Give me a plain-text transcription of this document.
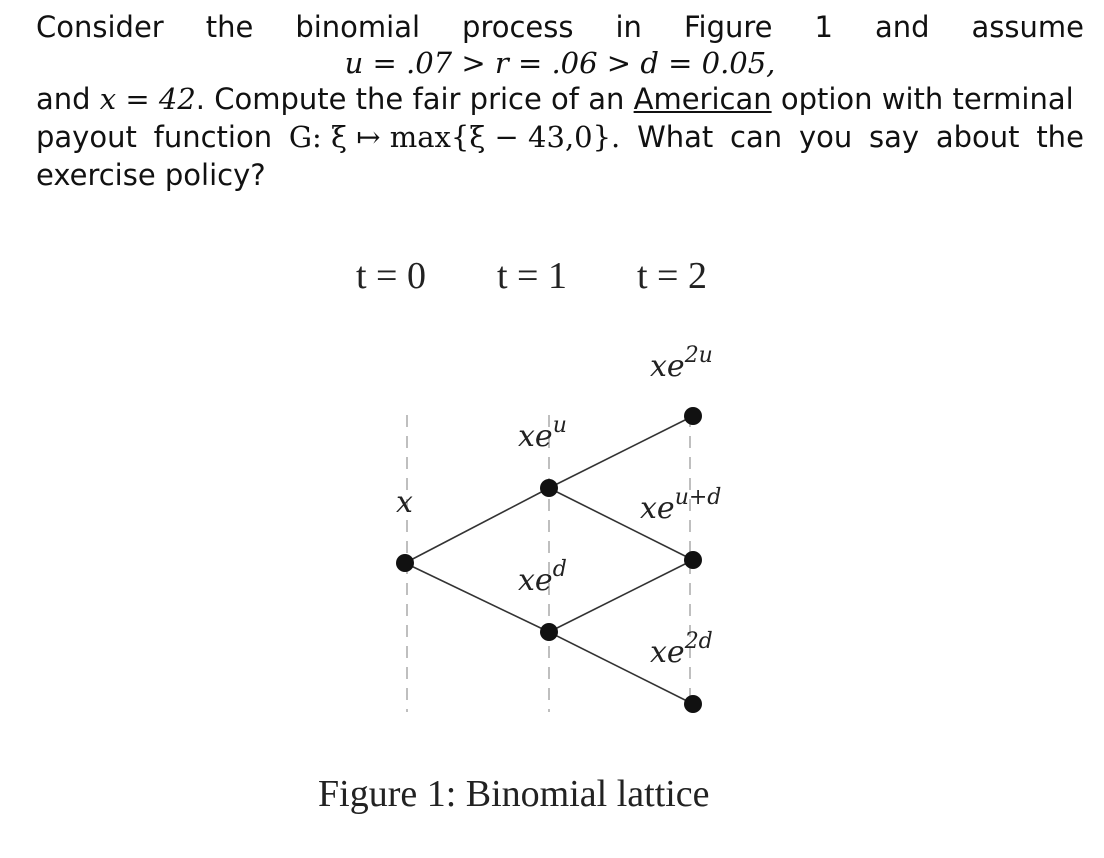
Consider the binomial process in Figure 1 and assume
u = .07 > r = .06 > d = 0.05,
and x = 42. Compute the fair price of an American option with terminal
payout function G: ξ ↦ max{ξ − 43,0}. What can you say about the
exercise policy?
t = 0 t = 1 t = 2
x
xeu
xed
xe2u
xeu+d
xe2d
Figure 1: Binomial lattice
